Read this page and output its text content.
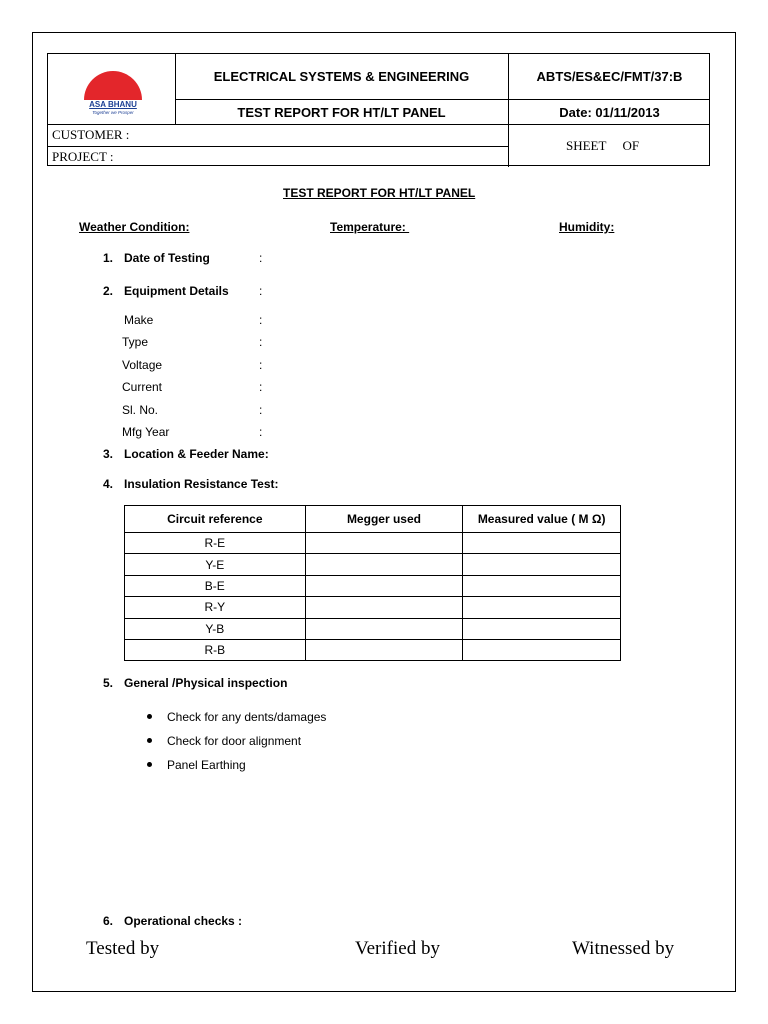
ASA BHANU
Together we Prosper
ELECTRICAL SYSTEMS & ENGINEERING	ABTS/ES&EC/FMT/37:B
TEST REPORT FOR HT/LT PANEL	Date: 01/11/2013
CUSTOMER :
PROJECT :
SHEET     OF
TEST REPORT FOR HT/LT PANEL
Weather Condition:	Temperature:	Humidity:
1. Date of Testing	:
2. Equipment Details	:
Make	:
Type	:
Voltage	:
Current	:
Sl. No.	:
Mfg Year	:
3. Location & Feeder Name:
4. Insulation Resistance Test:
Circuit reference	Megger used	Measured value ( M Ω)
R-E		
Y-E		
B-E		
R-Y		
Y-B		
R-B		
5. General /Physical inspection
Check for any dents/damages
Check for door alignment
Panel Earthing
6. Operational checks :
Tested by	Verified by	Witnessed by
